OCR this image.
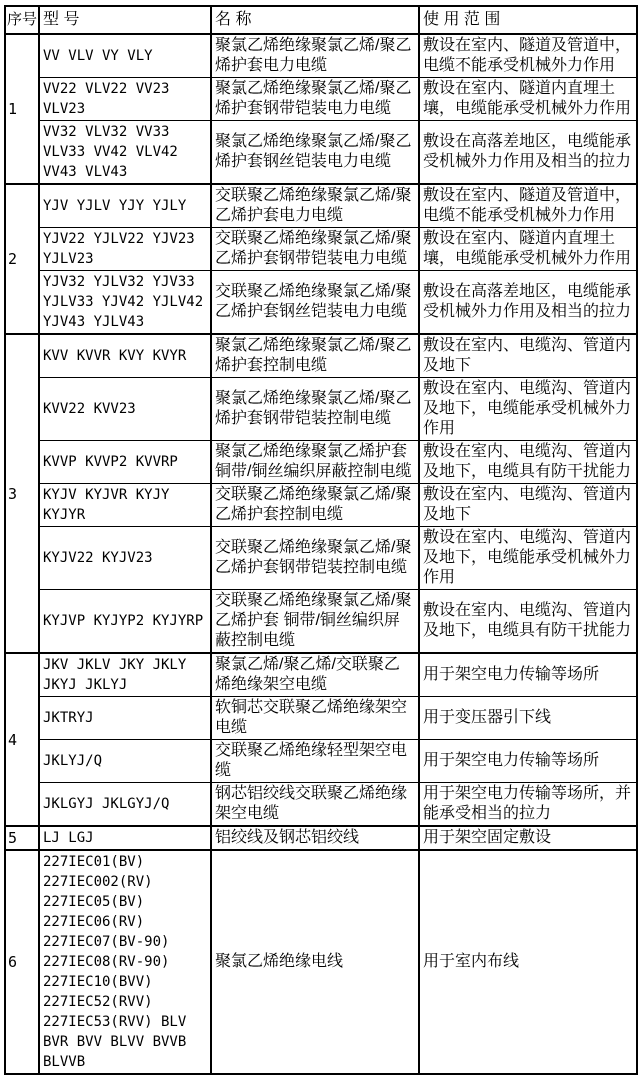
序号	型 号	名 称	使 用 范 围
1	VV VLV VY VLY	聚氯乙烯绝缘聚氯乙烯/聚乙烯护套电力电缆	敷设在室内、隧道及管道中，电缆不能承受机械外力作用
	VV22 VLV22 VV23 VLV23	聚氯乙烯绝缘聚氯乙烯/聚乙烯护套钢带铠装电力电缆	敷设在室内、隧道内直埋土壤，电缆能承受机械外力作用
	VV32 VLV32 VV33 VLV33 VV42 VLV42 VV43 VLV43	聚氯乙烯绝缘聚氯乙烯/聚乙烯护套钢丝铠装电力电缆	敷设在高落差地区，电缆能承受机械外力作用及相当的拉力
2	YJV YJLV YJY YJLY	交联聚乙烯绝缘聚氯乙烯/聚乙烯护套电力电缆	敷设在室内、隧道及管道中，电缆不能承受机械外力作用
	YJV22 YJLV22 YJV23 YJLV23	交联聚乙烯绝缘聚氯乙烯/聚乙烯护套钢带铠装电力电缆	敷设在室内、隧道内直埋土壤，电缆能承受机械外力作用
	YJV32 YJLV32 YJV33 YJLV33 YJV42 YJLV42 YJV43 YJLV43	交联聚乙烯绝缘聚氯乙烯/聚乙烯护套钢丝铠装电力电缆	敷设在高落差地区，电缆能承受机械外力作用及相当的拉力
3	KVV KVVR KVY KVYR	聚氯乙烯绝缘聚氯乙烯/聚乙烯护套控制电缆	敷设在室内、电缆沟、管道内及地下
	KVV22 KVV23	聚氯乙烯绝缘聚氯乙烯/聚乙烯护套钢带铠装控制电缆	敷设在室内、电缆沟、管道内及地下，电缆能承受机械外力作用
	KVVP KVVP2 KVVRP	聚氯乙烯绝缘聚氯乙烯护套铜带/铜丝编织屏蔽控制电缆	敷设在室内、电缆沟、管道内及地下，电缆具有防干扰能力
	KYJV KYJVR KYJY KYJYR	交联聚乙烯绝缘聚氯乙烯/聚乙烯护套控制电缆	敷设在室内、电缆沟、管道内及地下
	KYJV22 KYJV23	交联聚乙烯绝缘聚氯乙烯/聚乙烯护套钢带铠装控制电缆	敷设在室内、电缆沟、管道内及地下，电缆能承受机械外力作用
	KYJVP KYJYP2 KYJYRP	交联聚乙烯绝缘聚氯乙烯/聚乙烯护套 铜带/铜丝编织屏蔽控制电缆	敷设在室内、电缆沟、管道内及地下，电缆具有防干扰能力
4	JKV JKLV JKY JKLY JKYJ JKLYJ	聚氯乙烯/聚乙烯/交联聚乙烯绝缘架空电缆	用于架空电力传输等场所
	JKTRYJ	软铜芯交联聚乙烯绝缘架空电缆	用于变压器引下线
	JKLYJ/Q	交联聚乙烯绝缘轻型架空电缆	用于架空电力传输等场所
	JKLGYJ JKLGYJ/Q	钢芯铝绞线交联聚乙烯绝缘架空电缆	用于架空电力传输等场所，并能承受相当的拉力
5	LJ LGJ	铝绞线及钢芯铝绞线	用于架空固定敷设
6	227IEC01(BV) 227IEC002(RV) 227IEC05(BV) 227IEC06(RV) 227IEC07(BV-90) 227IEC08(RV-90) 227IEC10(BVV) 227IEC52(RVV) 227IEC53(RVV) BLV BVR BVV BLVV BVVB BLVVB	聚氯乙烯绝缘电线	用于室内布线
